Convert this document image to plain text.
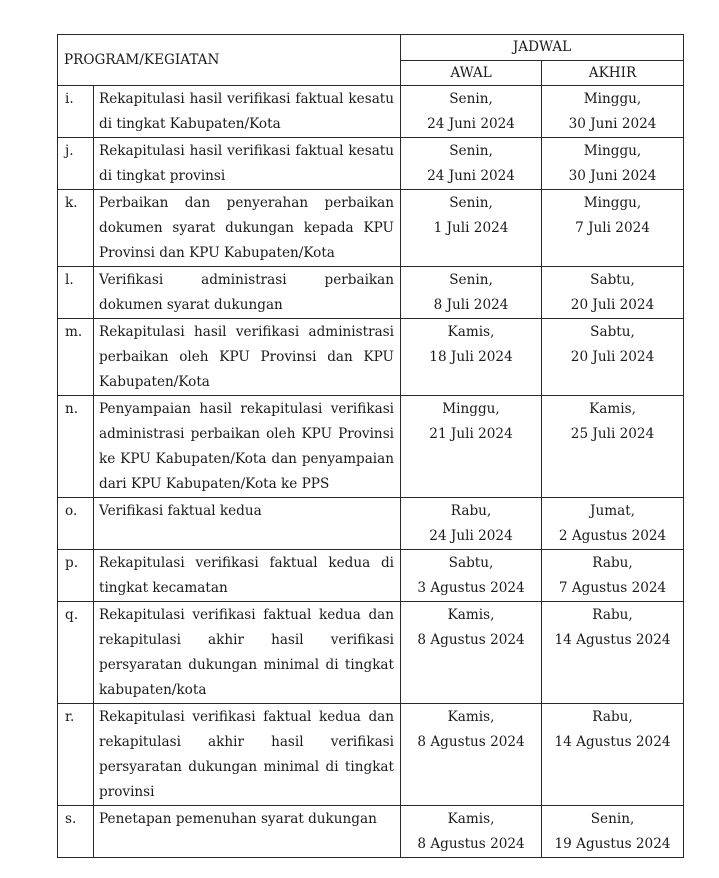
PROGRAM/KEGIATAN		JADWAL	
		AWAL	AKHIR
i.	Rekapitulasi hasil verifikasi faktual kesatu di tingkat Kabupaten/Kota	Senin,
24 Juni 2024	Minggu,
30 Juni 2024

j.	Rekapitulasi hasil verifikasi faktual kesatu di tingkat provinsi	Senin,
24 Juni 2024	Minggu,
30 Juni 2024

k.	Perbaikan dan penyerahan perbaikan dokumen syarat dukungan kepada KPU Provinsi dan KPU Kabupaten/Kota	Senin,
1 Juli 2024	Minggu,
7 Juli 2024

l.	Verifikasi administrasi perbaikan dokumen syarat dukungan	Senin,
8 Juli 2024	Sabtu,
20 Juli 2024

m.	Rekapitulasi hasil verifikasi administrasi perbaikan oleh KPU Provinsi dan KPU Kabupaten/Kota	Kamis,
18 Juli 2024	Sabtu,
20 Juli 2024

n.	Penyampaian hasil rekapitulasi verifikasi administrasi perbaikan oleh KPU Provinsi ke KPU Kabupaten/Kota dan penyampaian dari KPU Kabupaten/Kota ke PPS	Minggu,
21 Juli 2024	Kamis,
25 Juli 2024

o.	Verifikasi faktual kedua	Rabu,
24 Juli 2024	Jumat,
2 Agustus 2024

p.	Rekapitulasi verifikasi faktual kedua di tingkat kecamatan	Sabtu,
3 Agustus 2024	Rabu,
7 Agustus 2024

q.	Rekapitulasi verifikasi faktual kedua dan rekapitulasi akhir hasil verifikasi persyaratan dukungan minimal di tingkat kabupaten/kota	Kamis,
8 Agustus 2024	Rabu,
14 Agustus 2024

r.	Rekapitulasi verifikasi faktual kedua dan rekapitulasi akhir hasil verifikasi persyaratan dukungan minimal di tingkat provinsi	Kamis,
8 Agustus 2024	Rabu,
14 Agustus 2024

s.	Penetapan pemenuhan syarat dukungan	Kamis,
8 Agustus 2024	Senin,
19 Agustus 2024
